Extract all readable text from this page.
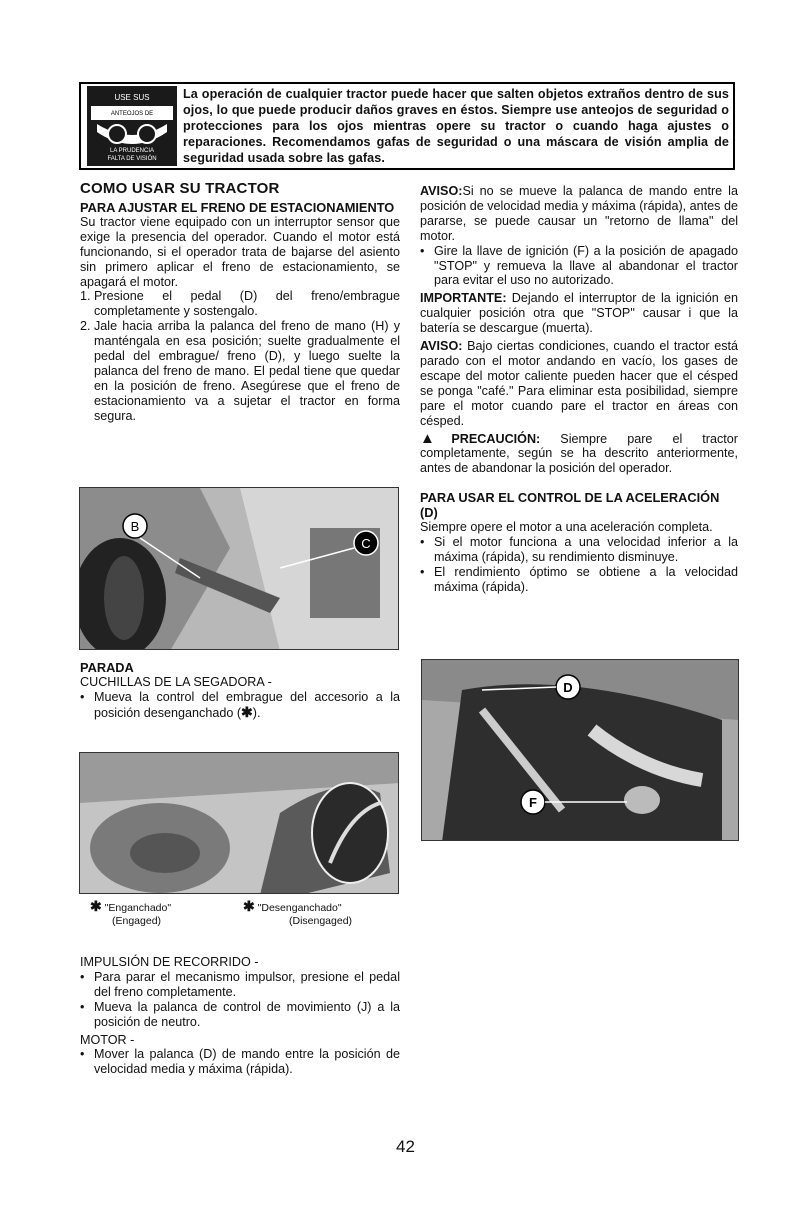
USE SUS
ANTEOJOS DE
LA PRUDENCIA
FALTA DE VISIÓN
La operación de cualquier tractor puede hacer que salten objetos extraños dentro de sus ojos, lo que puede producir daños graves en éstos. Siempre use anteojos de seguridad o protecciones para los ojos mientras opere su tractor o cuando haga ajustes o reparaciones. Recomendamos gafas de seguridad o una máscara de visión amplia de seguridad usada sobre las gafas.
COMO USAR SU TRACTOR
PARA AJUSTAR EL FRENO DE ESTACIONAMIENTO

Su tractor viene equipado con un interruptor sensor que exige la presencia del operador. Cuando el motor está funcionando, si el operador trata de bajarse del asiento sin primero aplicar el freno de estacionamiento, se apagará el motor.

1. Presione el pedal (D) del freno/embrague completamente y sostengalo.
2. Jale hacia arriba la palanca del freno de mano (H) y manténgala en esa posición; suelte gradualmente el pedal del embrague/ freno (D), y luego suelte la palanca del freno de mano. El pedal tiene que quedar en la posición de freno. Asegúrese que el freno de estacionamiento va a sujetar el tractor en forma segura.
B
C
PARADA

CUCHILLAS DE LA SEGADORA -

• Mueva la control del embrague del accesorio a la posición desenganchado (✱).
✱ "Enganchado"
(Engaged)
✱ "Desenganchado"
(Disengaged)

IMPULSIÓN DE RECORRIDO -

• Para parar el mecanismo impulsor, presione el pedal del freno completamente.
• Mueva la palanca de control de movimiento (J) a la posición de neutro.

MOTOR -

• Mover la palanca (D) de mando entre la posición de velocidad media y máxima (rápida).

AVISO:Si no se mueve la palanca de mando entre la posición de velocidad media y máxima (rápida), antes de pararse, se puede causar un "retorno de llama" del motor.

• Gire la llave de ignición (F) a la posición de apagado "STOP" y remueva la llave al abandonar el tractor para evitar el uso no autorizado.

IMPORTANTE: Dejando el interruptor de la ignición en cualquier posición otra que "STOP" causar i que la batería se descargue (muerta).

AVISO: Bajo ciertas condiciones, cuando el tractor está parado con el motor andando en vacío, los gases de escape del motor caliente pueden hacer que el césped se ponga "café." Para eliminar esta posibilidad, siempre pare el motor cuando pare el tractor en áreas con césped.

▲PRECAUCIÓN: Siempre pare el tractor completamente, según se ha descrito anteriormente, antes de abandonar la posición del operador.

PARA USAR EL CONTROL DE LA ACELERACIÓN (D)

Siempre opere el motor a una aceleración completa.

• Si el motor funciona a una velocidad inferior a la máxima (rápida), su rendimiento disminuye.
• El rendimiento óptimo se obtiene a la velocidad máxima (rápida).
D
F
42
